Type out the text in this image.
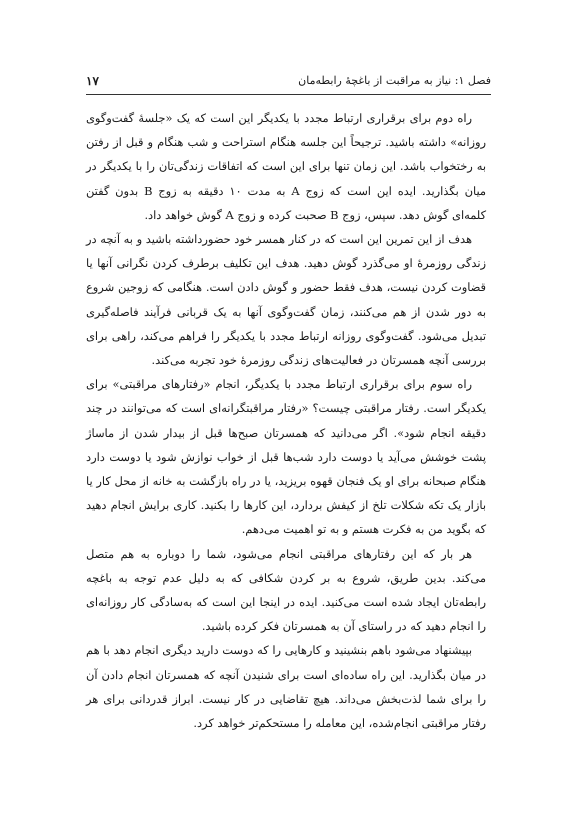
فصل ۱: نیاز به مراقبت از باغچهٔ رابطه‌مان
۱۷

راه دوم برای برقراری ارتباط مجدد با یکدیگر این است که یک «جلسهٔ گفت‌وگوی روزانه» داشته باشید. ترجیحاً این جلسه هنگام استراحت و شب هنگام و قبل از رفتن به رختخواب باشد. این زمان تنها برای این است که اتفاقات زندگی‌تان را با یکدیگر در میان بگذارید. ایده این است که زوج A به مدت ۱۰ دقیقه به زوج B بدون گفتن کلمه‌ای گوش دهد. سپس، زوج B صحبت کرده و زوج A گوش خواهد داد.

هدف از این تمرین این است که در کنار همسر خود حضورداشته باشید و به آنچه در زندگی روزمرهٔ او می‌گذرد گوش دهید. هدف این تکلیف برطرف کردن نگرانی آنها یا قضاوت کردن نیست، هدف فقط حضور و گوش دادن است. هنگامی که زوجین شروع به دور شدن از هم می‌کنند، زمان گفت‌وگوی آنها به یک قربانی فرآیند فاصله‌گیری تبدیل می‌شود. گفت‌وگوی روزانه ارتباط مجدد با یکدیگر را فراهم می‌کند، راهی برای بررسی آنچه همسرتان در فعالیت‌های زندگی روزمرهٔ خود تجربه می‌کند.

راه سوم برای برقراری ارتباط مجدد با یکدیگر، انجام «رفتارهای مراقبتی» برای یکدیگر است. رفتار مراقبتی چیست؟ «رفتار مراقبتگرانه‌ای است که می‌توانند در چند دقیقه انجام شود». اگر می‌دانید که همسرتان صبح‌ها قبل از بیدار شدن از ماساژ پشت خوشش می‌آید یا دوست دارد شب‌ها قبل از خواب نوازش شود یا دوست دارد هنگام صبحانه برای او یک فنجان قهوه بریزید، یا در راه بازگشت به خانه از محل کار یا بازار یک تکه شکلات تلخ از کیفش بردارد، این کارها را بکنید. کاری برایش انجام دهید که بگوید من به فکرت هستم و به تو اهمیت می‌دهم.

هر بار که این رفتارهای مراقبتی انجام می‌شود، شما را دوباره به هم متصل می‌کند. بدین طریق، شروع به بر کردن شکافی که به دلیل عدم توجه به باغچه رابطه‌تان ایجاد شده است می‌کنید. ایده در اینجا این است که به‌سادگی کار روزانه‌ای را انجام دهید که در راستای آن به همسرتان فکر کرده باشید.

بپیشنهاد می‌شود باهم بنشینید و کارهایی را که دوست دارید دیگری انجام دهد با هم در میان بگذارید. این راه ساده‌ای است برای شنیدن آنچه که همسرتان انجام دادن آن را برای شما لذت‌بخش می‌داند. هیچ تقاضایی در کار نیست. ابراز قدردانی برای هر رفتار مراقبتی انجام‌شده، این معامله را مستحکم‌تر خواهد کرد.
